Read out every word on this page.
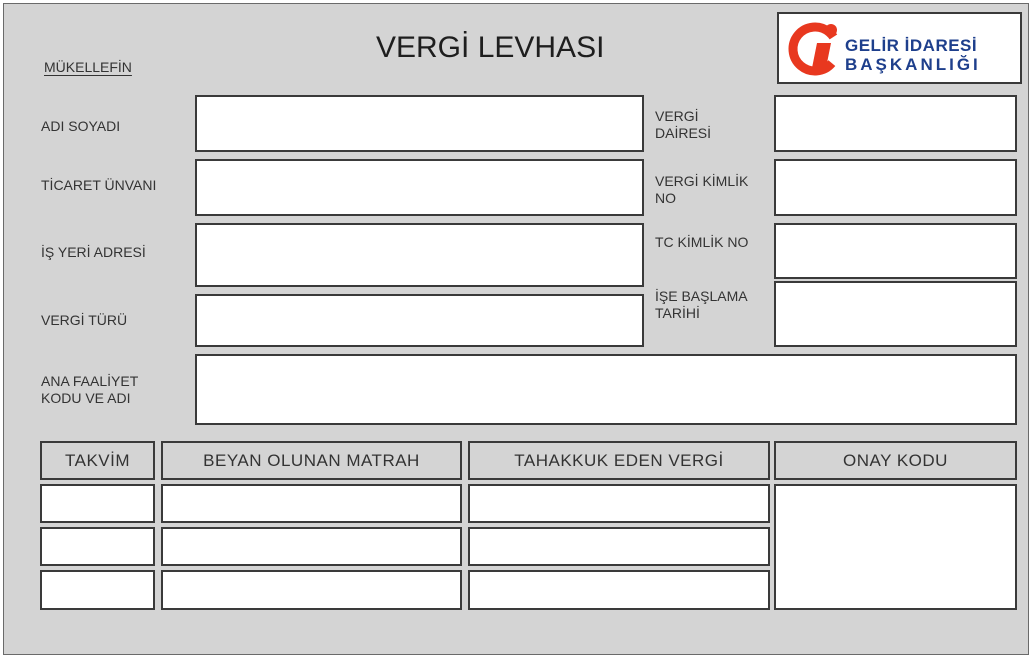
MÜKELLEFİN
VERGİ LEVHASI	GELİR İDARESİ
BAŞKANLIĞI
ADI SOYADI
TİCARET ÜNVANI
İŞ YERİ ADRESİ
VERGİ TÜRÜ
VERGİ
DAİRESİ
VERGİ KİMLİK
NO
TC KİMLİK NO
İŞE BAŞLAMA
TARİHİ
ANA FAALİYET
KODU VE ADI
TAKVİM	BEYAN OLUNAN MATRAH	TAHAKKUK EDEN VERGİ	ONAY KODU
